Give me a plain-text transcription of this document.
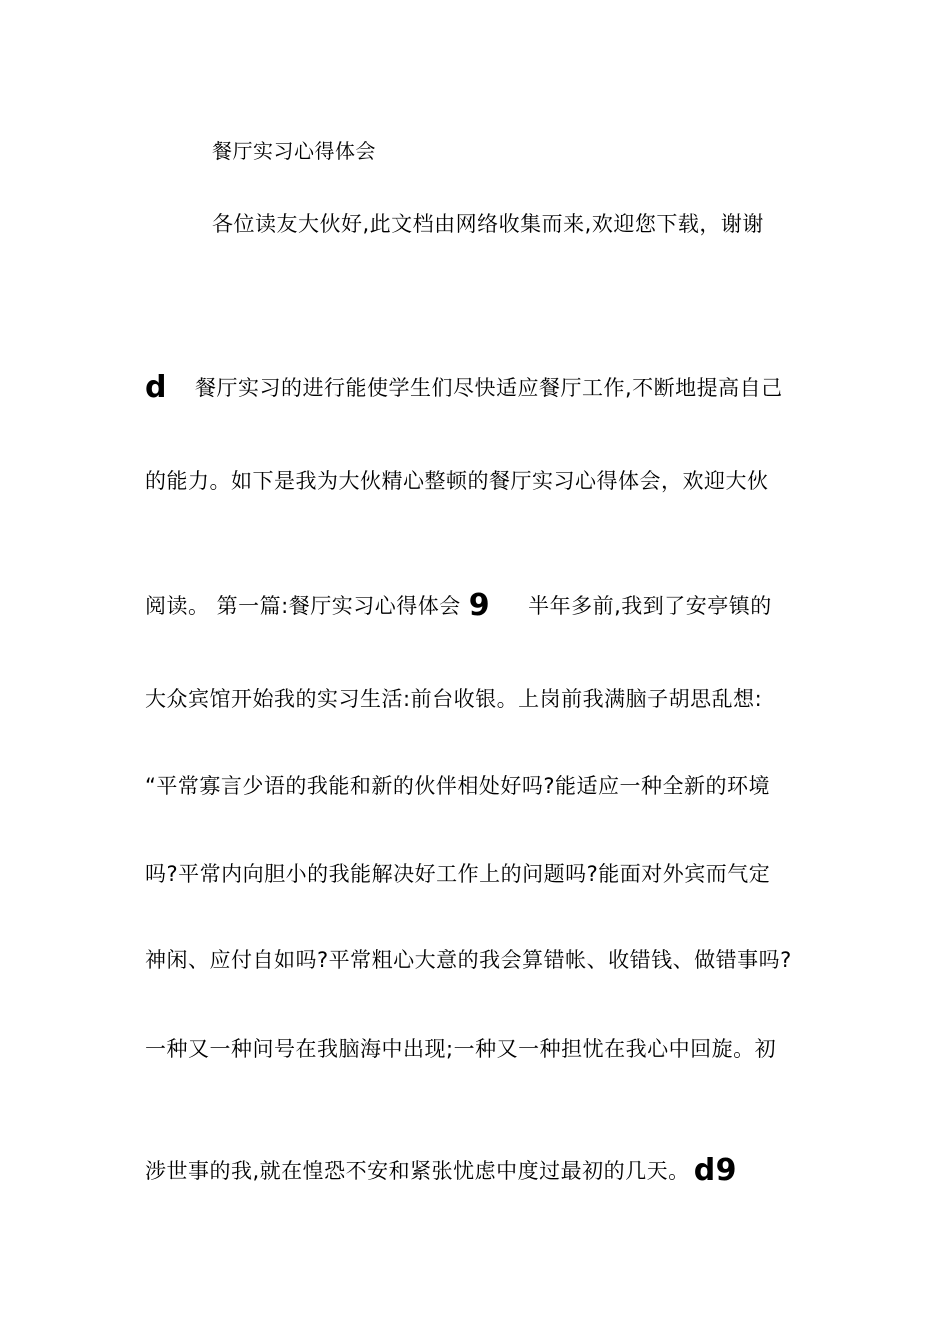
餐厅实习心得体会
各位读友大伙好,此文档由网络收集而来,欢迎您下载，谢谢
d 餐厅实习的进行能使学生们尽快适应餐厅工作,不断地提高自己
的能力。如下是我为大伙精心整顿的餐厅实习心得体会，欢迎大伙
阅读。 第一篇:餐厅实习心得体会 9 半年多前,我到了安亭镇的
大众宾馆开始我的实习生活:前台收银。上岗前我满脑子胡思乱想:
“平常寡言少语的我能和新的伙伴相处好吗?能适应一种全新的环境
吗?平常内向胆小的我能解决好工作上的问题吗?能面对外宾而气定
神闲、应付自如吗?平常粗心大意的我会算错帐、收错钱、做错事吗?
一种又一种问号在我脑海中出现;一种又一种担忧在我心中回旋。初
涉世事的我,就在惶恐不安和紧张忧虑中度过最初的几天。 d9
